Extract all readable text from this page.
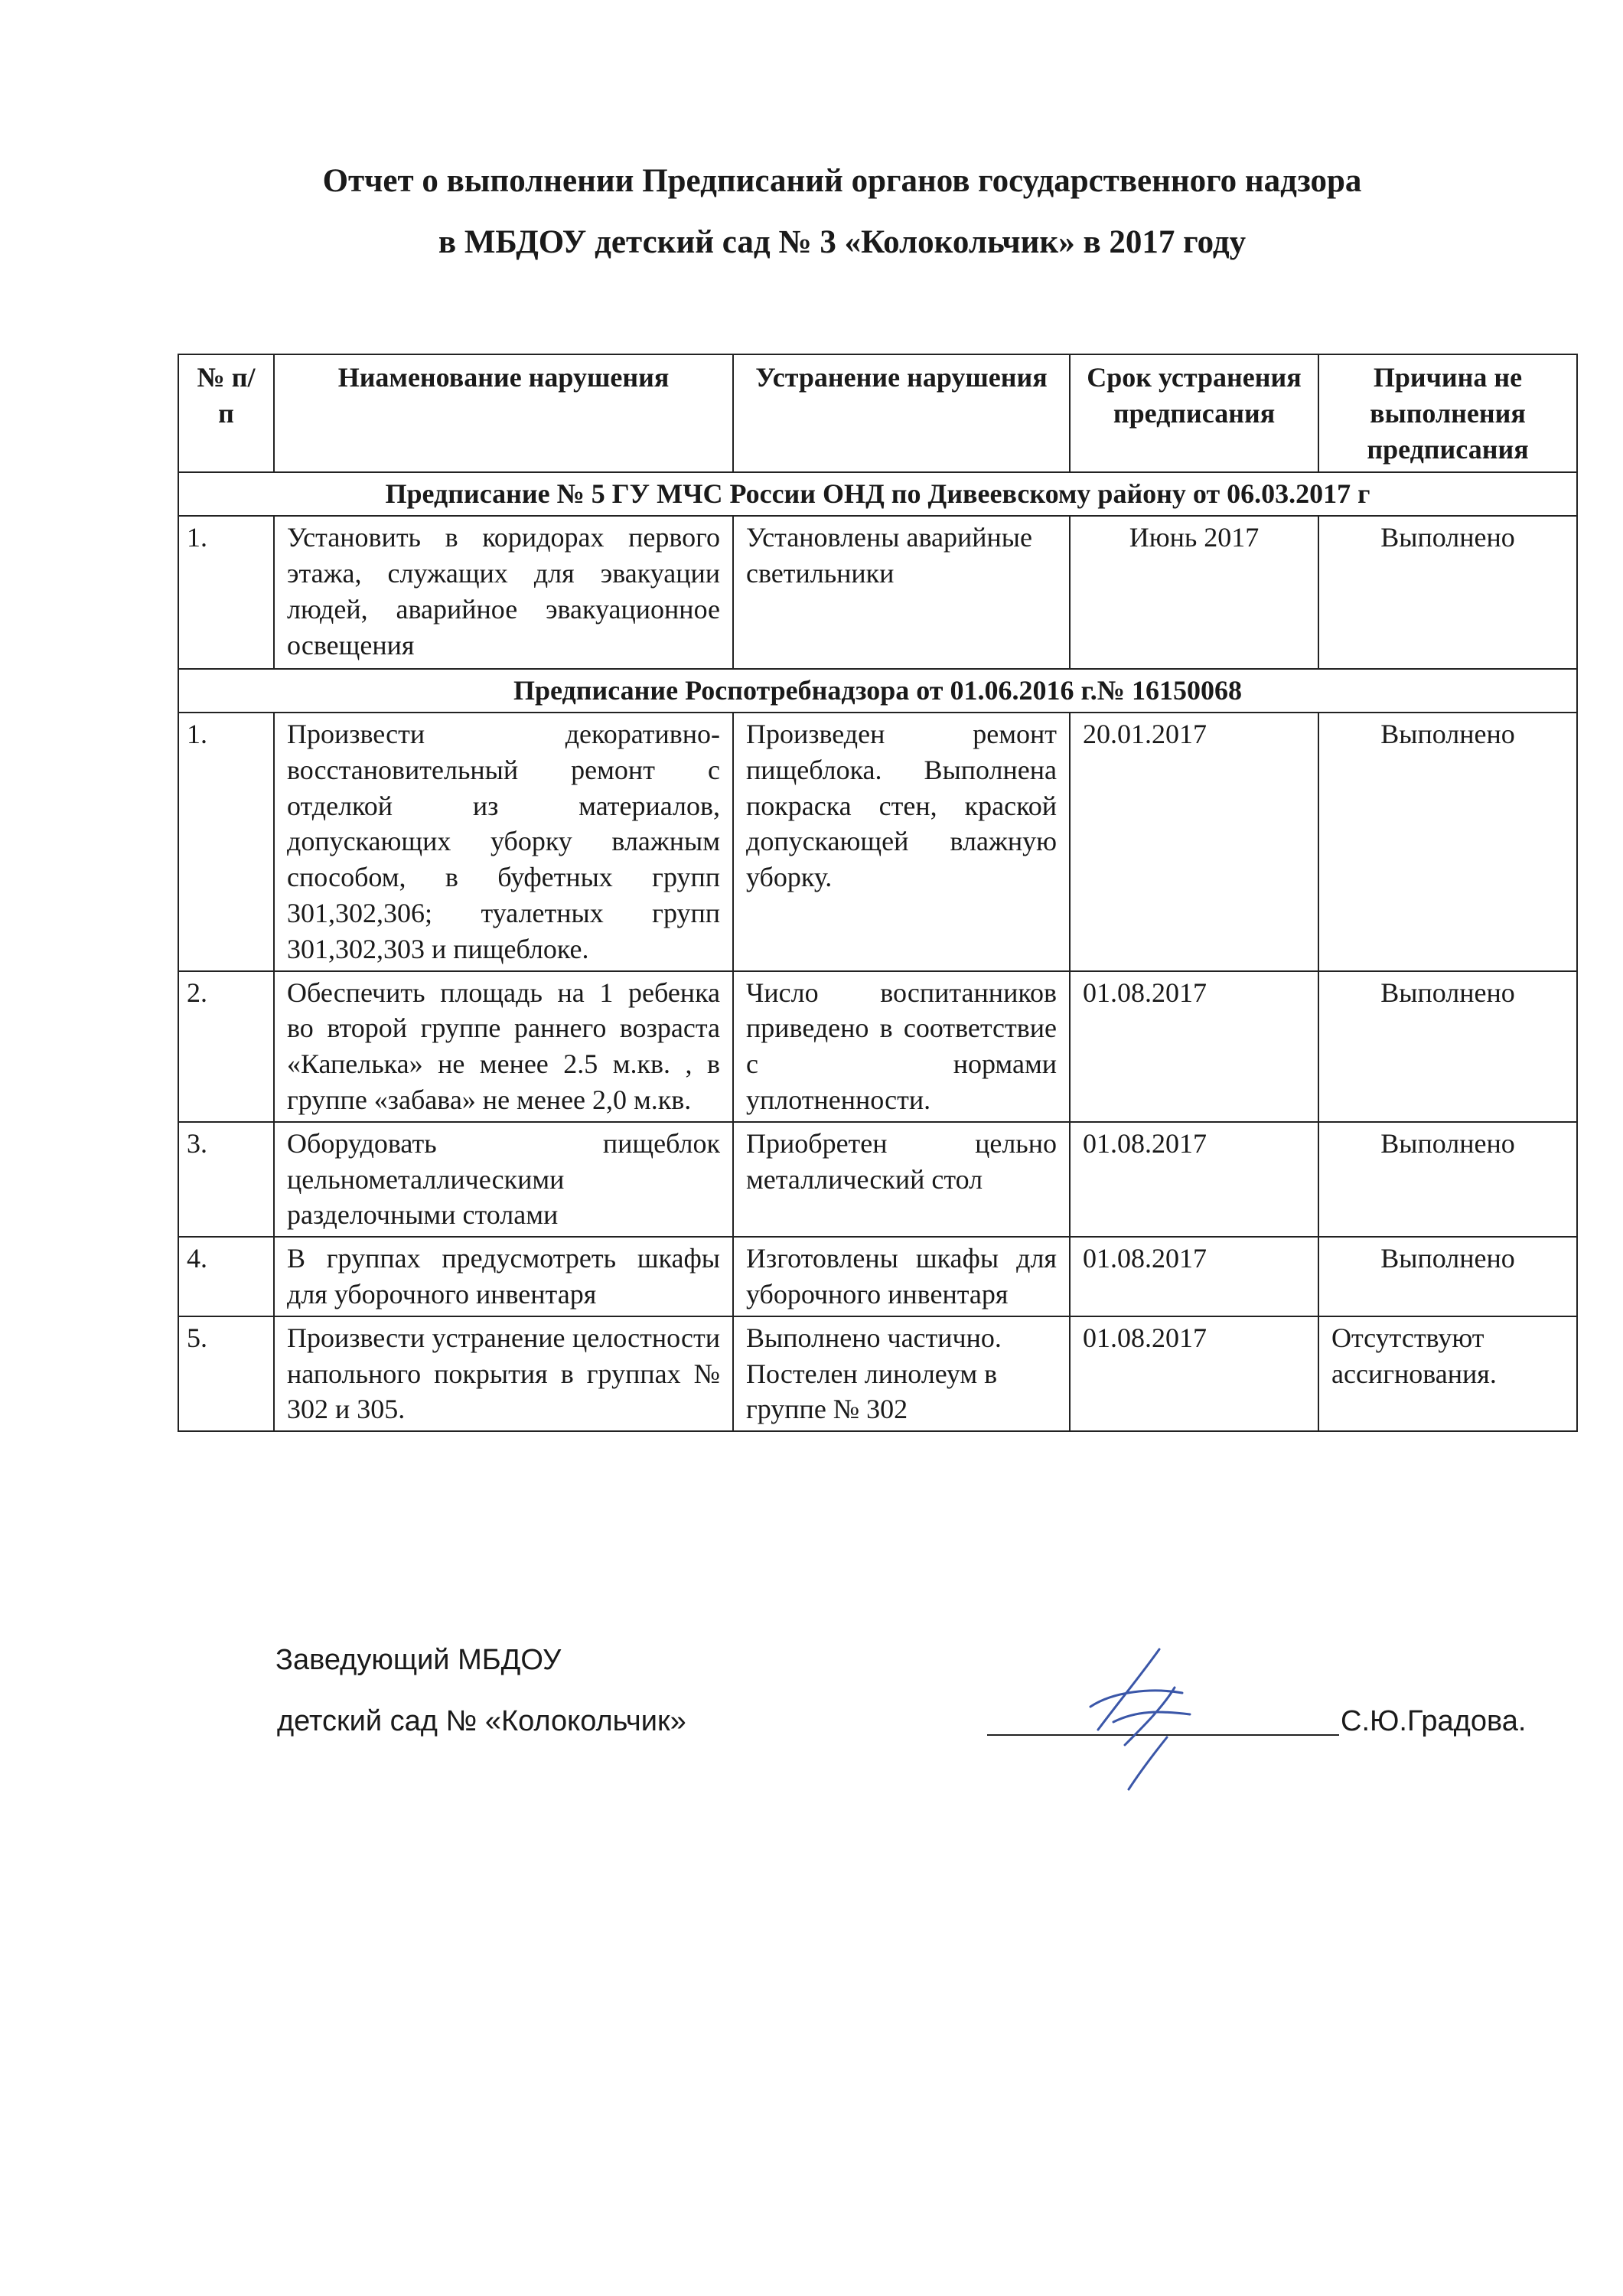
Отчет о выполнении Предписаний органов государственного надзора
в МБДОУ детский сад № 3 «Колокольчик» в 2017 году
№ п/п	Ниаменование нарушения	Устранение нарушения	Срок устранения предписания	Причина не выполнения предписания
Предписание № 5 ГУ МЧС России ОНД по Дивеевскому району от 06.03.2017 г				
1.	Установить в коридорах первого этажа, служащих для эвакуации людей, аварийное эвакуационное освещения	Установлены аварийные светильники	Июнь 2017	Выполнено
Предписание Роспотребнадзора от 01.06.2016 г.№ 16150068				
1.	Произвести декоративно-восстановительный ремонт с отделкой из материалов, допускающих уборку влажным способом, в буфетных групп 301,302,306; туалетных групп 301,302,303 и пищеблоке.	Произведен ремонт пищеблока. Выполнена покраска стен, краской допускающей влажную уборку.	20.01.2017	Выполнено
2.	Обеспечить площадь на 1 ребенка во второй группе раннего возраста «Капелька» не менее 2.5 м.кв. , в группе «забава» не менее 2,0 м.кв.	Число воспитанников приведено в соответствие с нормами уплотненности.	01.08.2017	Выполнено
3.	Оборудовать пищеблок цельнометаллическими разделочными столами	Приобретен цельно металлический стол	01.08.2017	Выполнено
4.	В группах предусмотреть шкафы для уборочного инвентаря	Изготовлены шкафы для уборочного инвентаря	01.08.2017	Выполнено
5.	Произвести устранение целостности напольного покрытия в группах № 302 и 305.	Выполнено частично. Постелен линолеум в группе № 302	01.08.2017	Отсутствуют ассигнования.
Заведующий МБДОУ
детский сад № «Колокольчик»	С.Ю.Градова.
